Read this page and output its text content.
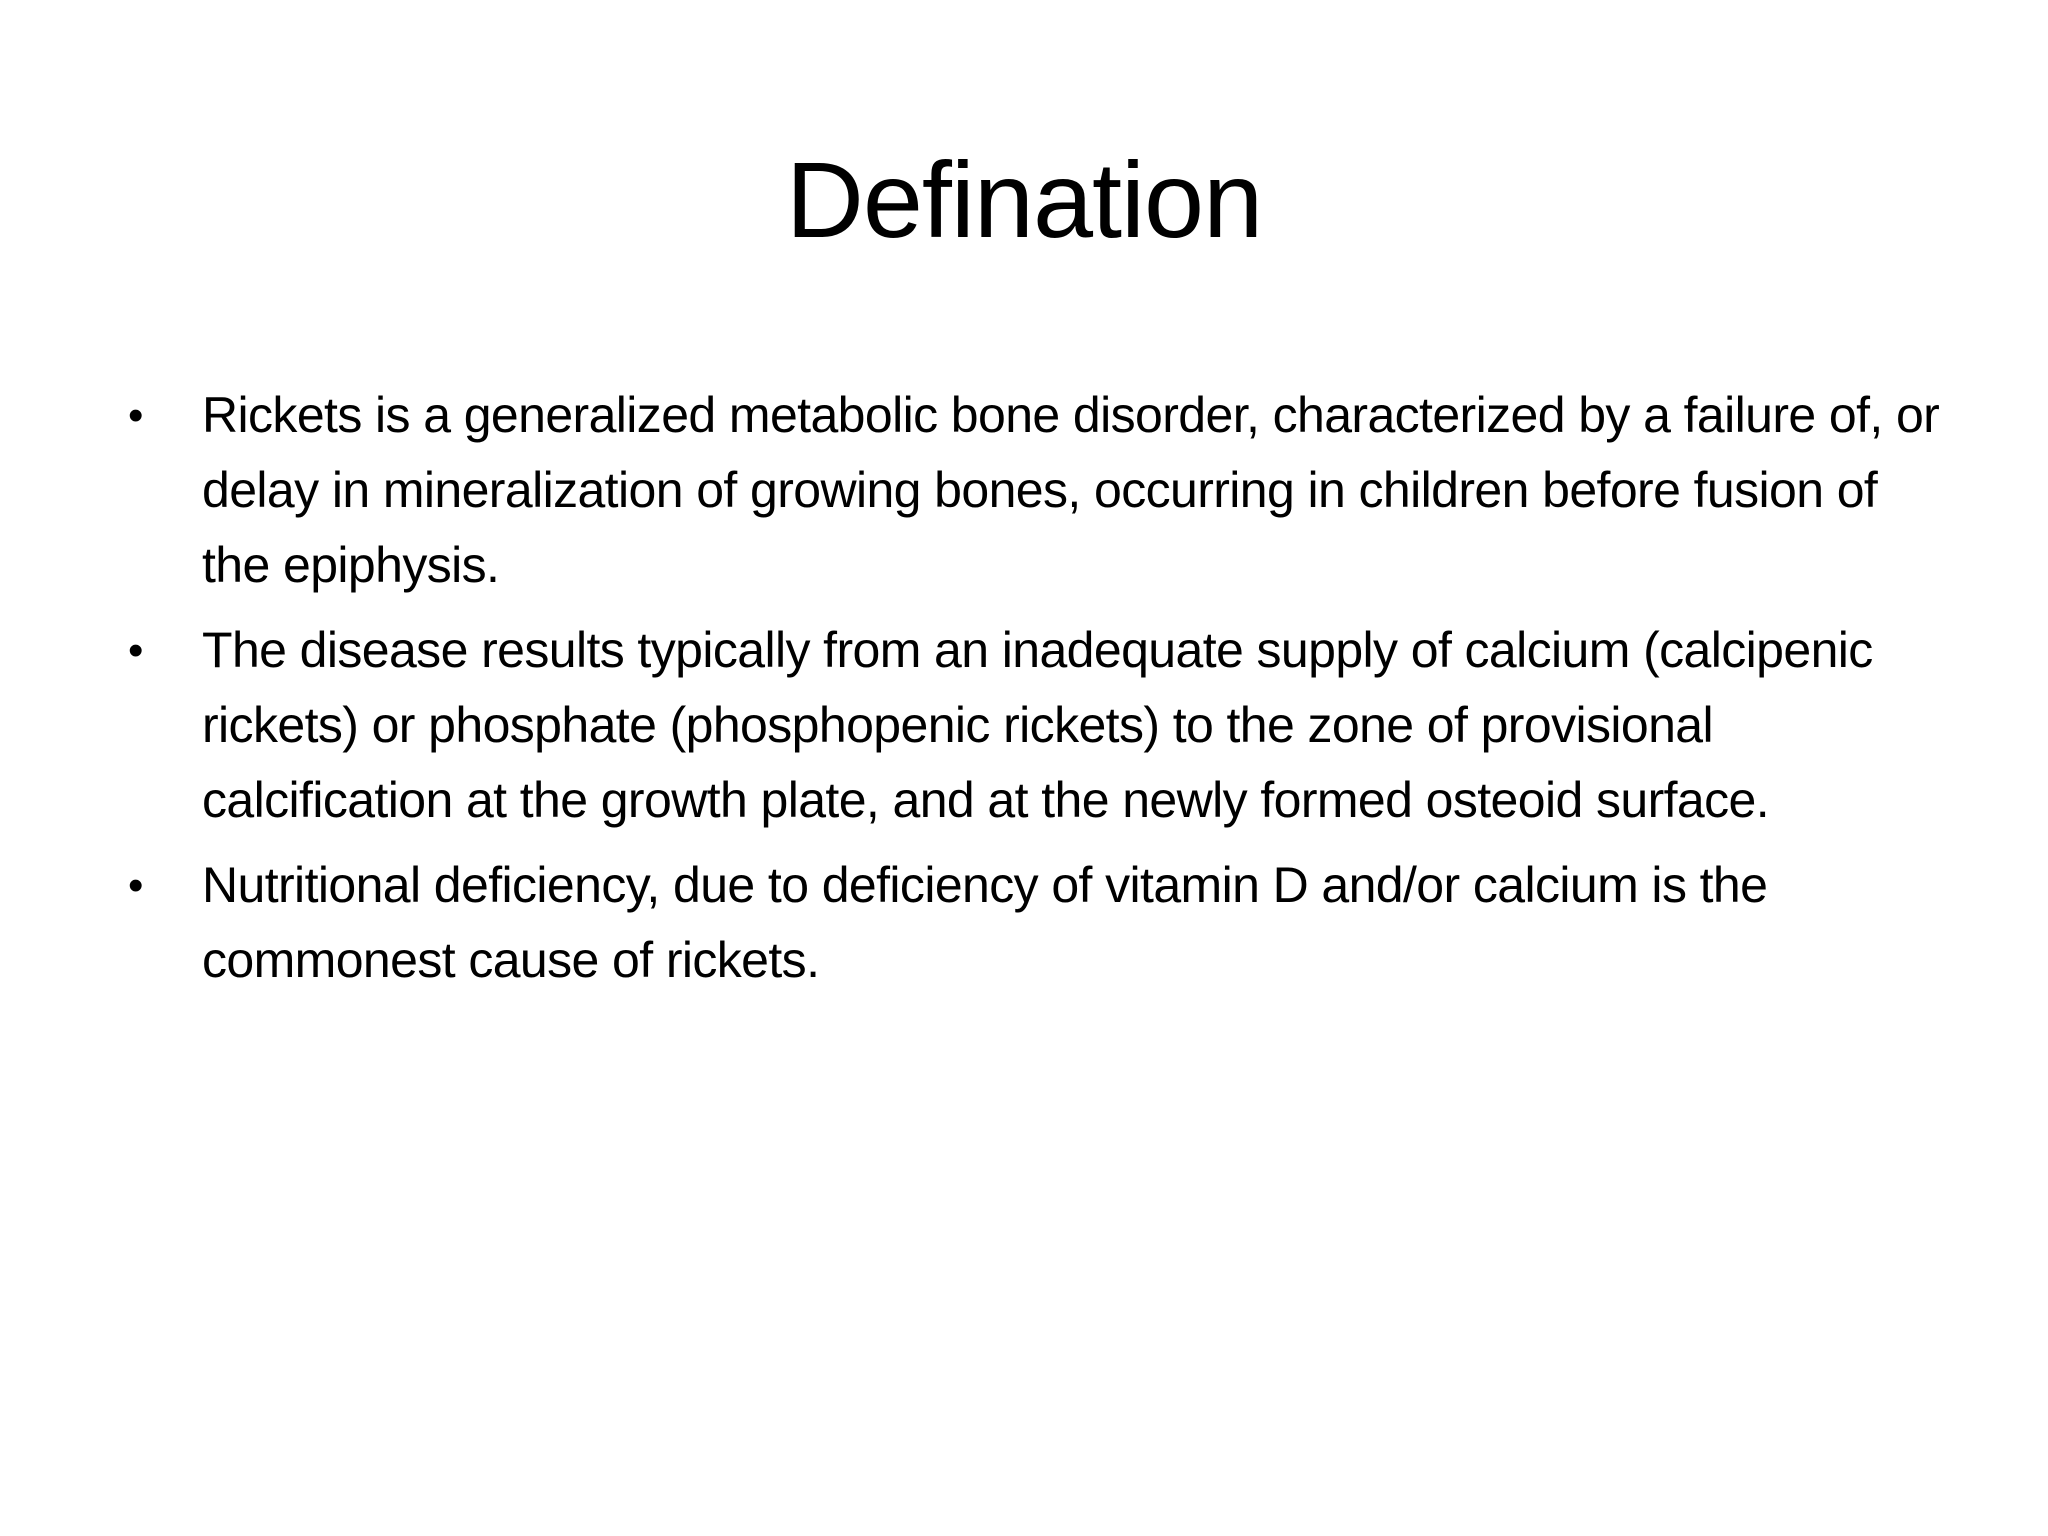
Defination
• Rickets is a generalized metabolic bone disorder, characterized by a failure of, or delay in mineralization of growing bones, occurring in children before fusion of the epiphysis.
• The disease results typically from an inadequate supply of calcium (calcipenic rickets) or phosphate (phosphopenic rickets) to the zone of provisional calcification at the growth plate, and at the newly formed osteoid surface.
• Nutritional deficiency, due to deficiency of vitamin D and/or calcium is the commonest cause of rickets.
